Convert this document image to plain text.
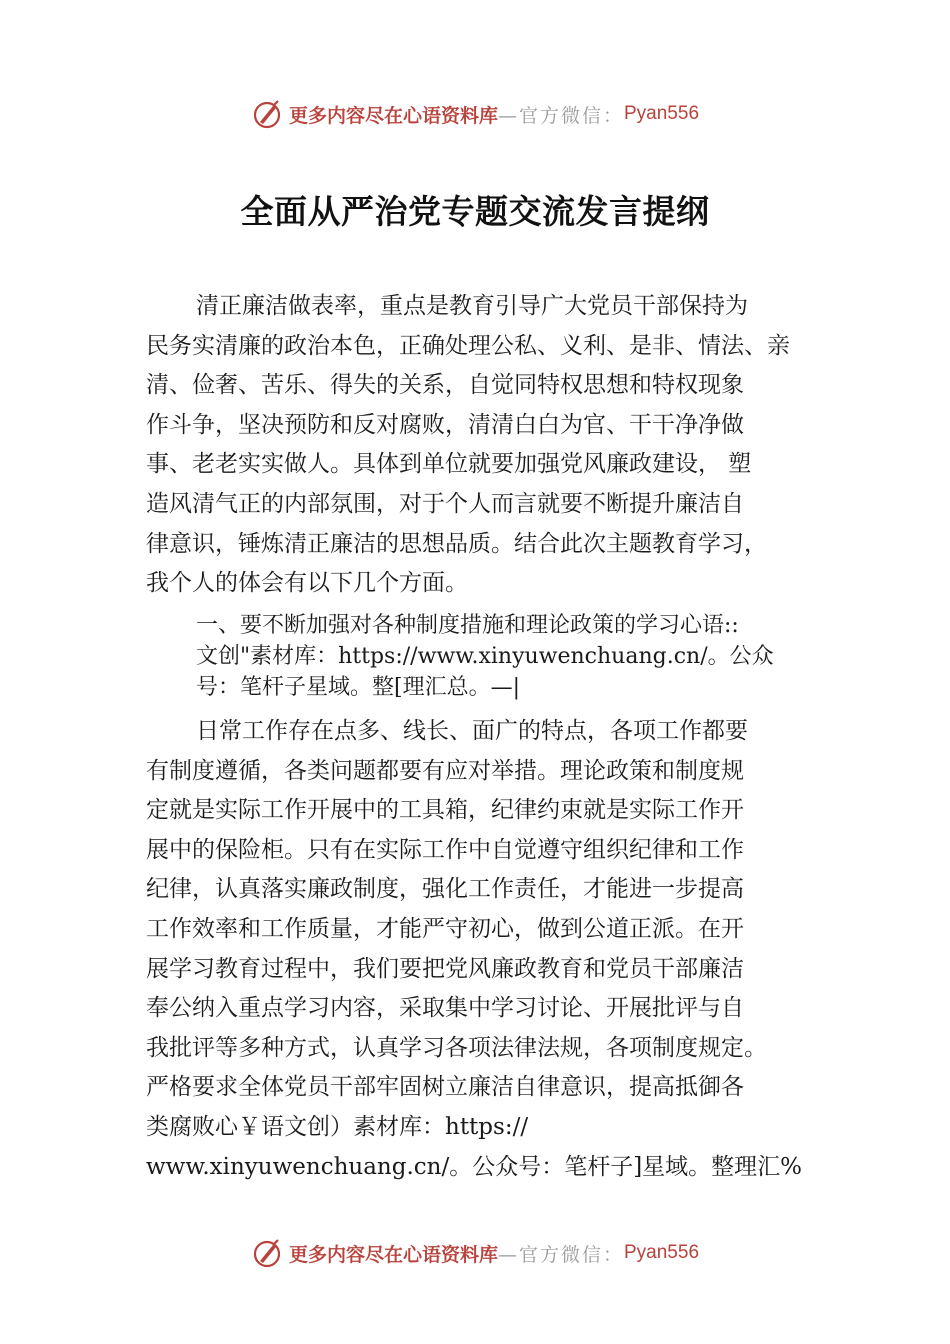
更多内容尽在心语资料库 —官方微信： Pyan556
全面从严治党专题交流发言提纲
清正廉洁做表率，重点是教育引导广大党员干部保持为
民务实清廉的政治本色，正确处理公私、义利、是非、情法、亲
清、俭奢、苦乐、得失的关系，自觉同特权思想和特权现象
作斗争，坚决预防和反对腐败，清清白白为官、干干净净做
事、老老实实做人。具体到单位就要加强党风廉政建设， 塑
造风清气正的内部氛围，对于个人而言就要不断提升廉洁自
律意识，锤炼清正廉洁的思想品质。结合此次主题教育学习，
我个人的体会有以下几个方面。
一、要不断加强对各种制度措施和理论政策的学习心语::
文创"素材库：https://www.xinyuwenchuang.cn/。公众
号：笔杆子星域。整[理汇总。—|
日常工作存在点多、线长、面广的特点，各项工作都要
有制度遵循，各类问题都要有应对举措。理论政策和制度规
定就是实际工作开展中的工具箱，纪律约束就是实际工作开
展中的保险柜。只有在实际工作中自觉遵守组织纪律和工作
纪律，认真落实廉政制度，强化工作责任，才能进一步提高
工作效率和工作质量，才能严守初心，做到公道正派。在开
展学习教育过程中，我们要把党风廉政教育和党员干部廉洁
奉公纳入重点学习内容，采取集中学习讨论、开展批评与自
我批评等多种方式，认真学习各项法律法规，各项制度规定。
严格要求全体党员干部牢固树立廉洁自律意识，提高抵御各
类腐败心￥语文创）素材库：https://
www.xinyuwenchuang.cn/。公众号：笔杆子]星域。整理汇%
更多内容尽在心语资料库 —官方微信： Pyan556
